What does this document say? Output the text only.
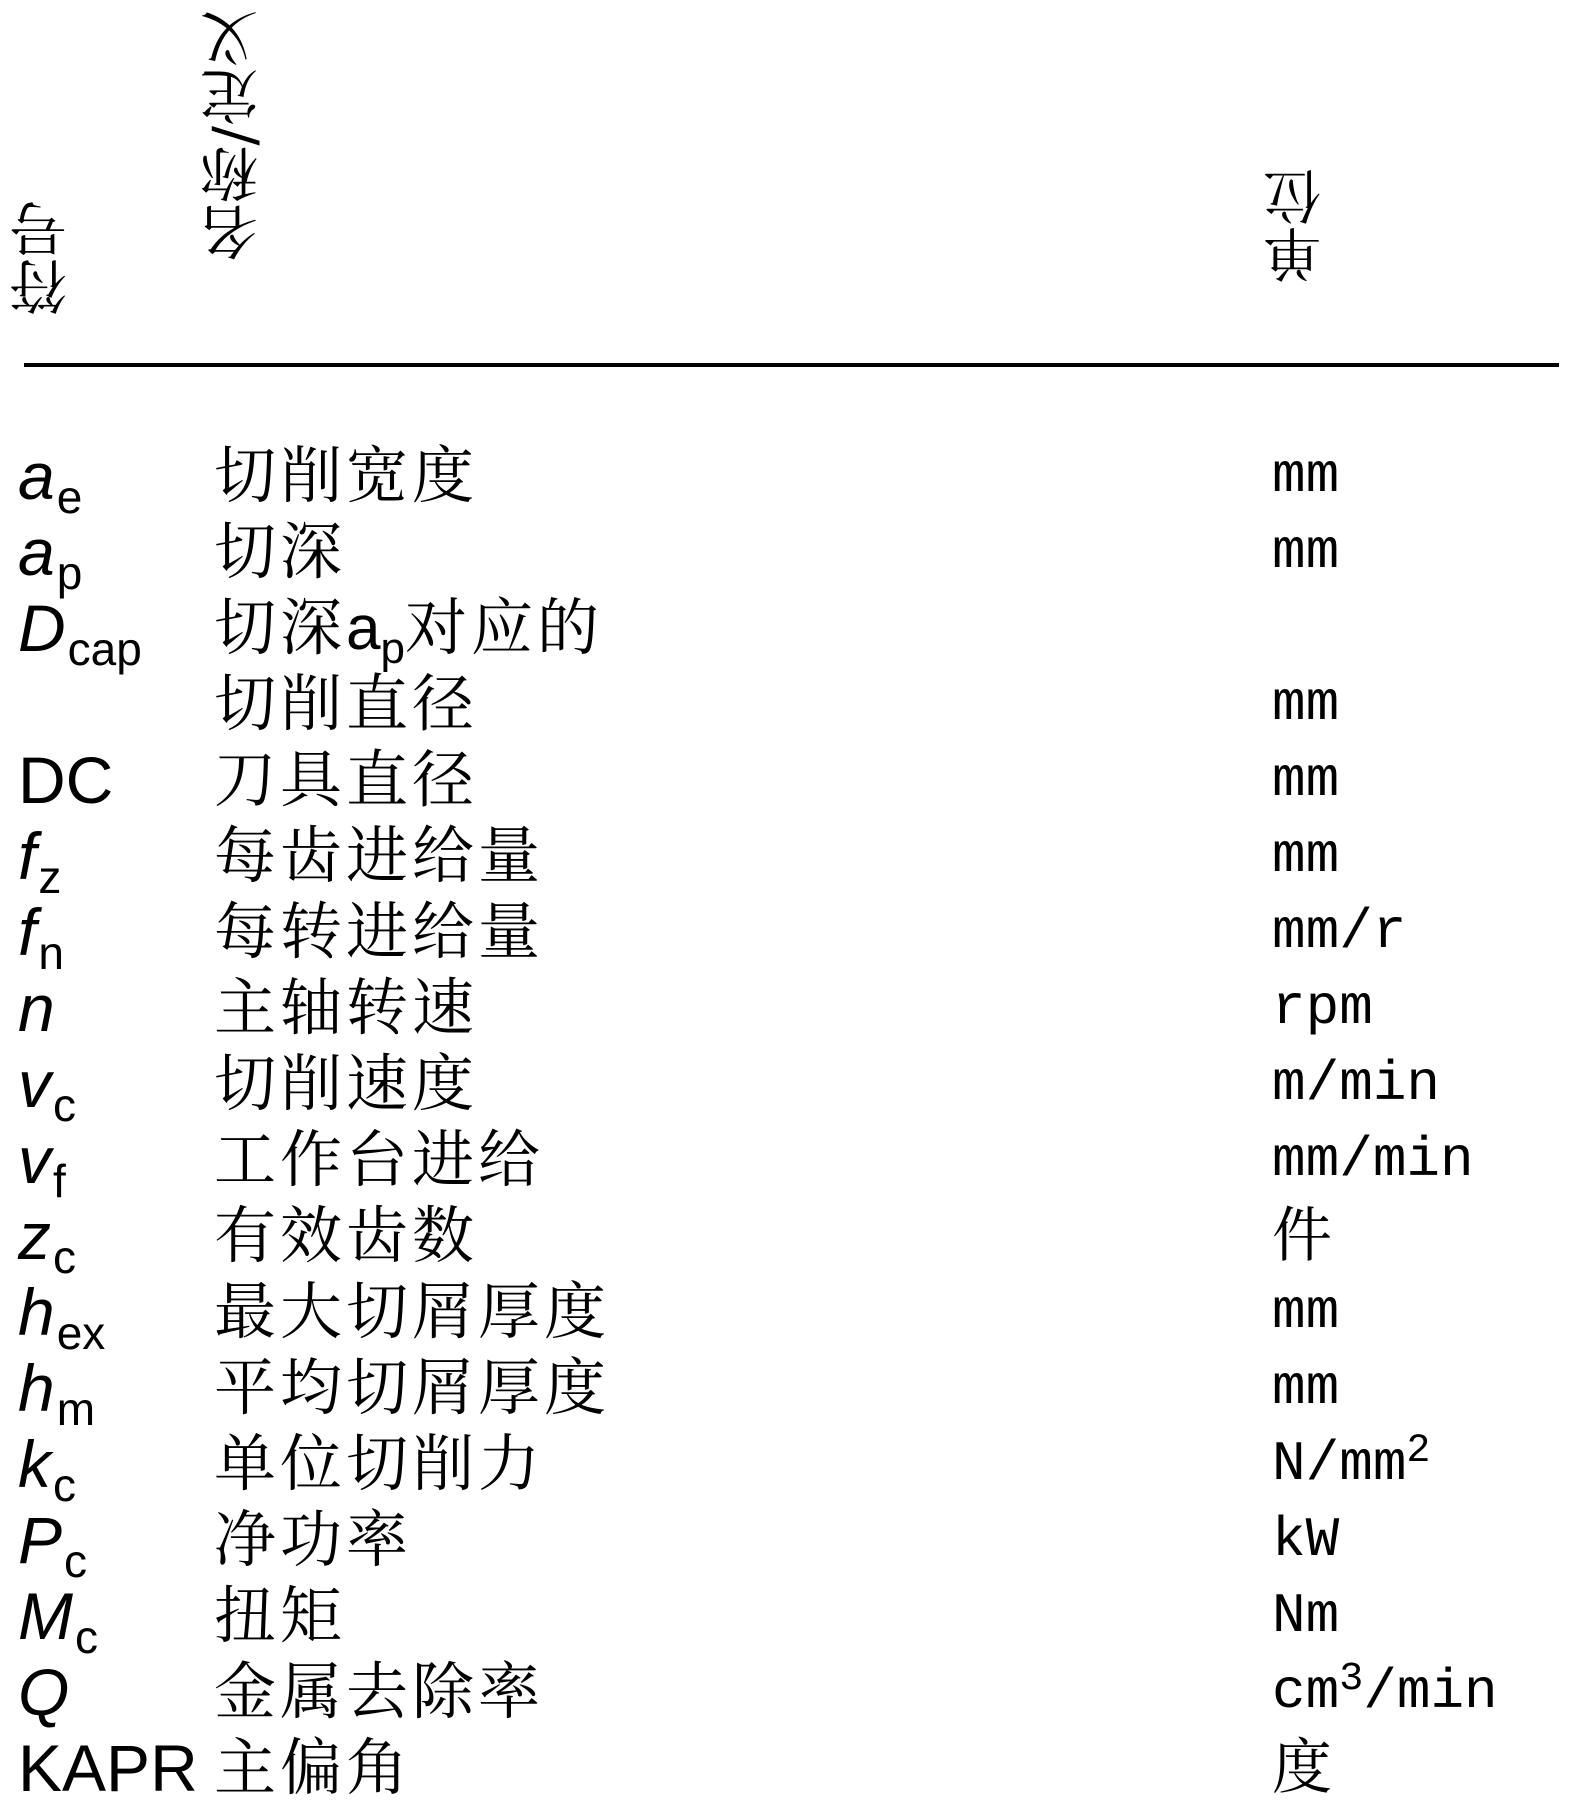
符号 名称/定义	单位
$a_e$ 切削宽度	mm
$a_p$ 切深	mm
$D_{cap}$ 切深$a_p$对应的
切削直径	mm
DC 刀具直径	mm
$f_z$ 每齿进给量	mm
$f_n$ 每转进给量	mm/r
n	主轴转速	rpm
$v_c$ 切削速度	m/min
$v_f$ 工作台进给	mm/min
$z_c$ 有效齿数	件
$h_{ex}$ 最大切屑厚度	mm
$h_m$ 平均切屑厚度	mm
$k_c$ 单位切削力	$N/mm^2$
$P_c$ 净功率	kW
$M_c$ 扭矩	Nm
Q 金属去除率	$cm^3/\min$
KAPR 主偏角	度
